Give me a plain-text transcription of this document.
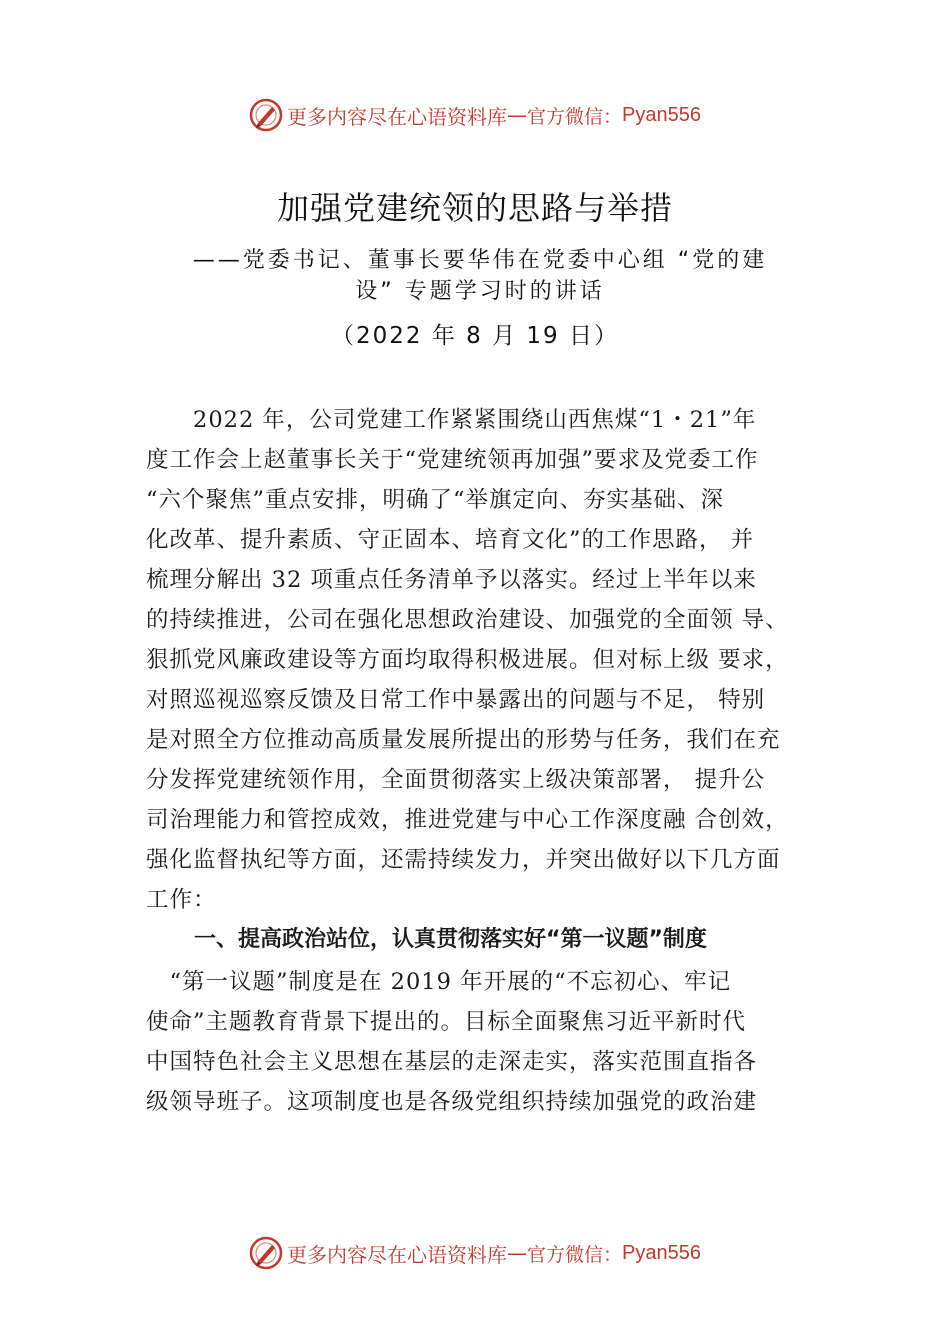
更多内容尽在心语资料库 — 官方微信： Pyan556
加强党建统领的思路与举措
——党委书记、董事长要华伟在党委中心组 “党的建
设” 专题学习时的讲话
（2022 年 8 月 19 日）
　　2022 年，公司党建工作紧紧围绕山西焦煤“1・21”年
度工作会上赵董事长关于“党建统领再加强”要求及党委工作
“六个聚焦”重点安排，明确了“举旗定向、夯实基础、深
化改革、提升素质、守正固本、培育文化”的工作思路， 并
梳理分解出 32 项重点任务清单予以落实。经过上半年以来
的持续推进，公司在强化思想政治建设、加强党的全面领 导、
狠抓党风廉政建设等方面均取得积极进展。但对标上级 要求，
对照巡视巡察反馈及日常工作中暴露出的问题与不足， 特别
是对照全方位推动高质量发展所提出的形势与任务，我们在充
分发挥党建统领作用，全面贯彻落实上级决策部署， 提升公
司治理能力和管控成效，推进党建与中心工作深度融 合创效，
强化监督执纪等方面，还需持续发力，并突出做好以下几方面
工作：
一、提高政治站位，认真贯彻落实好“第一议题”制度
　“第一议题”制度是在 2019 年开展的“不忘初心、牢记
使命”主题教育背景下提出的。目标全面聚焦习近平新时代
中国特色社会主义思想在基层的走深走实，落实范围直指各
级领导班子。这项制度也是各级党组织持续加强党的政治建
更多内容尽在心语资料库 — 官方微信： Pyan556
